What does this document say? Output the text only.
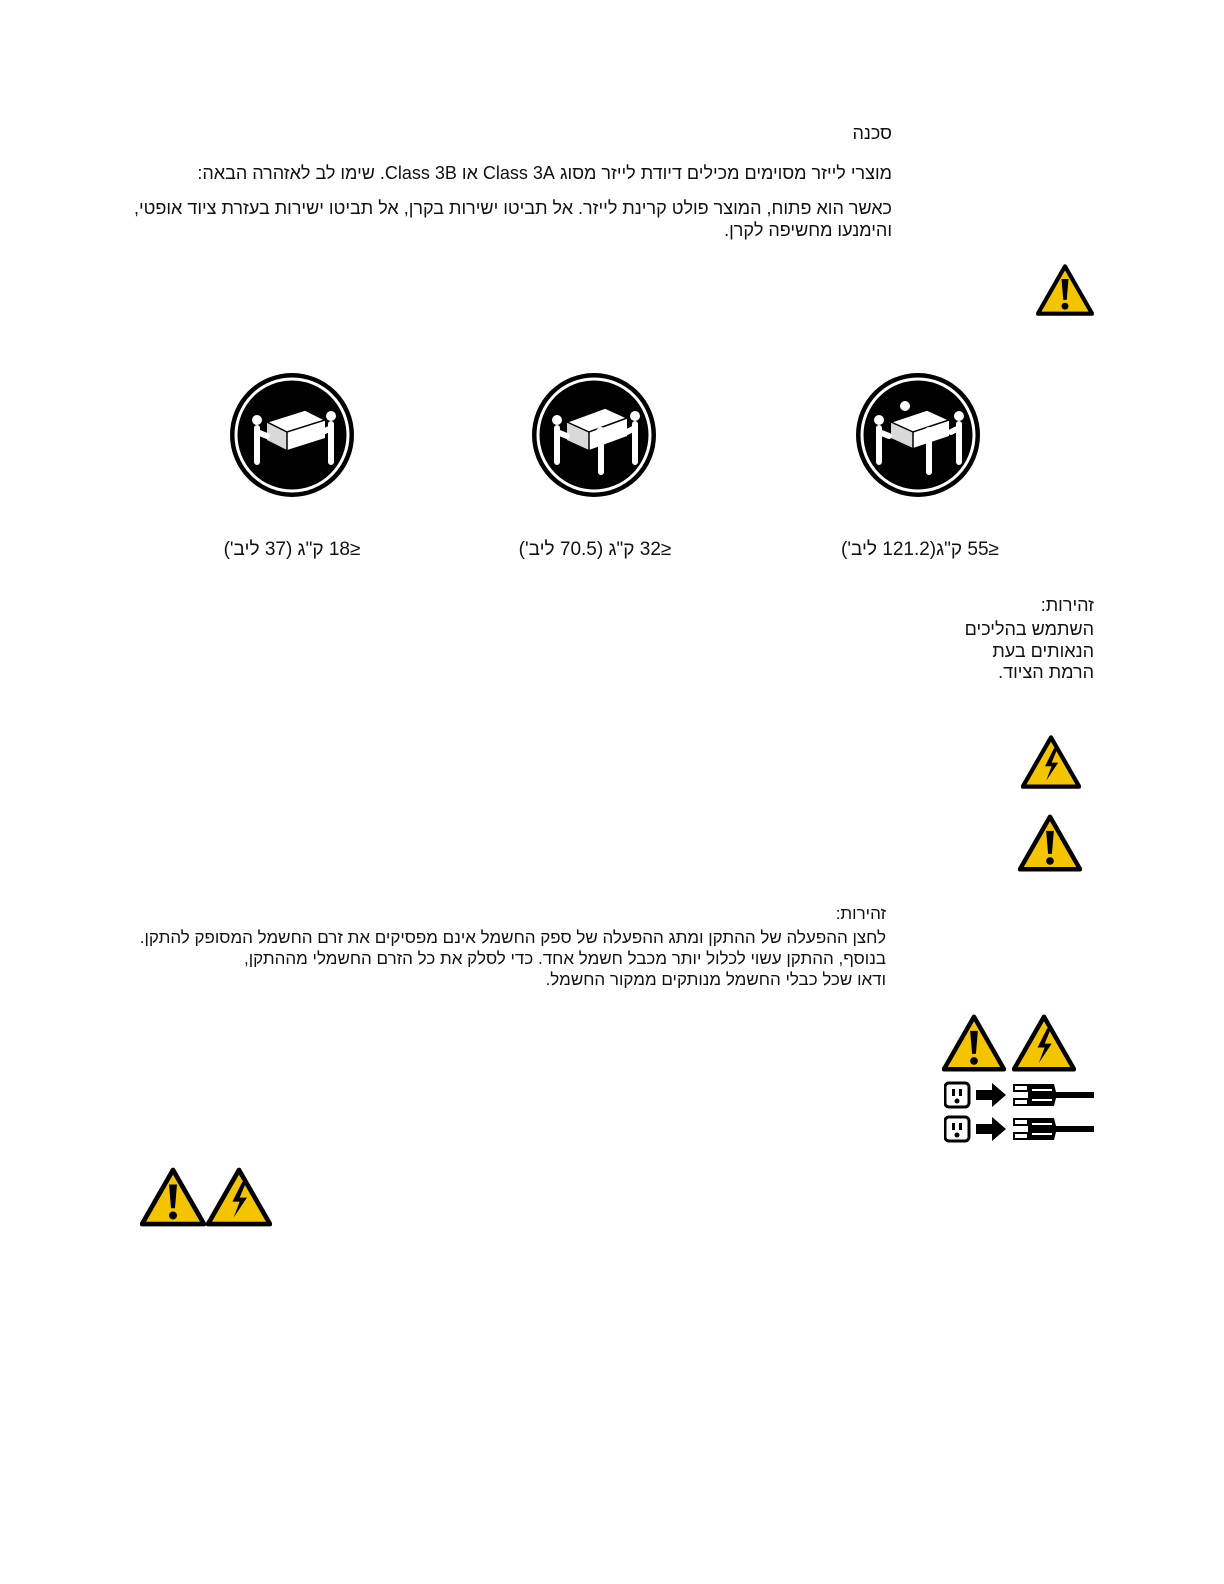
סכנה
מוצרי לייזר מסוימים מכילים דיודת לייזר מסוג Class 3A או Class 3B. שימו לב לאזהרה הבאה:
כאשר הוא פתוח, המוצר פולט קרינת לייזר. אל תביטו ישירות בקרן, אל תביטו ישירות בעזרת ציוד אופטי,
והימנעו מחשיפה לקרן.
≤18 ק"ג (37 ליב')	≤32 ק"ג (70.5 ליב')	≤55 ק"ג(121.2 ליב')
זהירות:
השתמש בהליכים
הנאותים בעת
הרמת הציוד.
זהירות:
לחצן ההפעלה של ההתקן ומתג ההפעלה של ספק החשמל אינם מפסיקים את זרם החשמל המסופק להתקן.
בנוסף, ההתקן עשוי לכלול יותר מכבל חשמל אחד. כדי לסלק את כל הזרם החשמלי מההתקן,
ודאו שכל כבלי החשמל מנותקים ממקור החשמל.
